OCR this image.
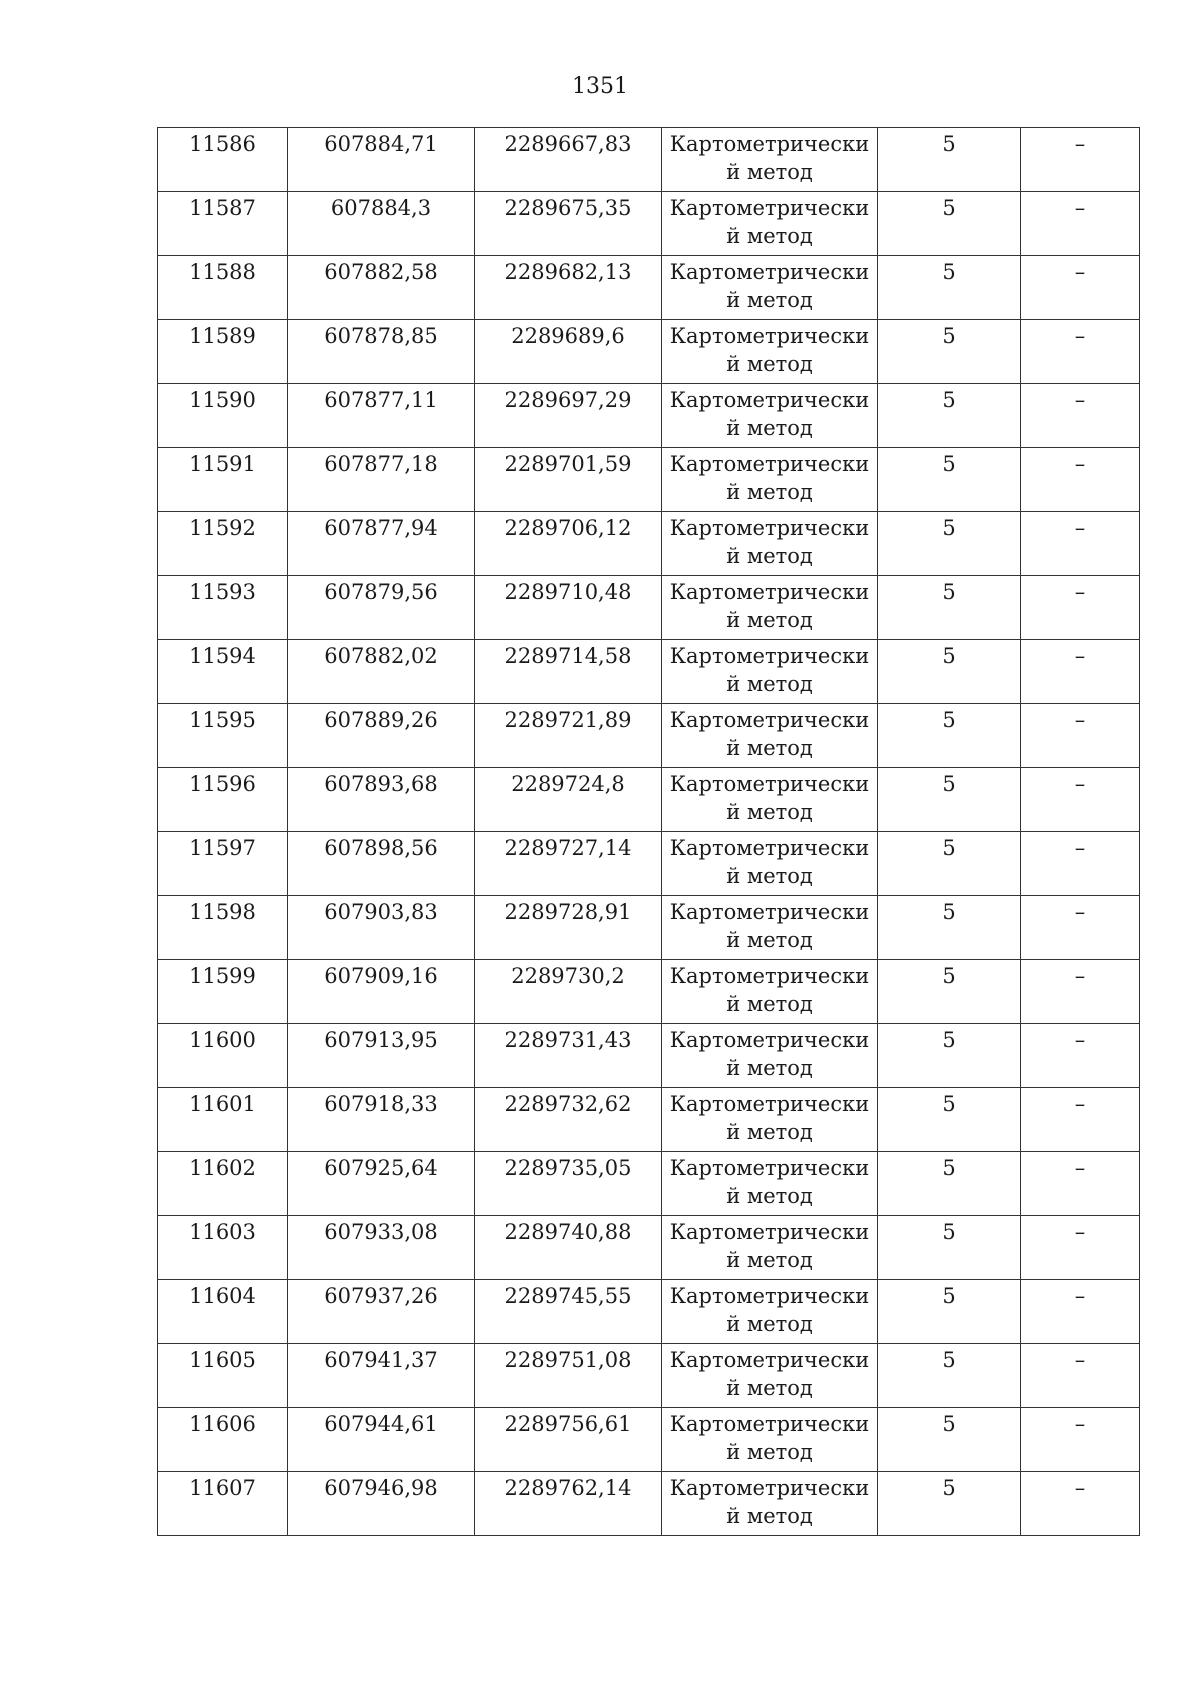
1351
11586	607884,71	2289667,83	Картометрически
й метод	5	–

11587	607884,3	2289675,35	Картометрически
й метод	5	–

11588	607882,58	2289682,13	Картометрически
й метод	5	–

11589	607878,85	2289689,6	Картометрически
й метод	5	–

11590	607877,11	2289697,29	Картометрически
й метод	5	–

11591	607877,18	2289701,59	Картометрически
й метод	5	–

11592	607877,94	2289706,12	Картометрически
й метод	5	–

11593	607879,56	2289710,48	Картометрически
й метод	5	–

11594	607882,02	2289714,58	Картометрически
й метод	5	–

11595	607889,26	2289721,89	Картометрически
й метод	5	–

11596	607893,68	2289724,8	Картометрически
й метод	5	–

11597	607898,56	2289727,14	Картометрически
й метод	5	–

11598	607903,83	2289728,91	Картометрически
й метод	5	–

11599	607909,16	2289730,2	Картометрически
й метод	5	–

11600	607913,95	2289731,43	Картометрически
й метод	5	–

11601	607918,33	2289732,62	Картометрически
й метод	5	–

11602	607925,64	2289735,05	Картометрически
й метод	5	–

11603	607933,08	2289740,88	Картометрически
й метод	5	–

11604	607937,26	2289745,55	Картометрически
й метод	5	–

11605	607941,37	2289751,08	Картометрически
й метод	5	–

11606	607944,61	2289756,61	Картометрически
й метод	5	–

11607	607946,98	2289762,14	Картометрически
й метод	5	–
